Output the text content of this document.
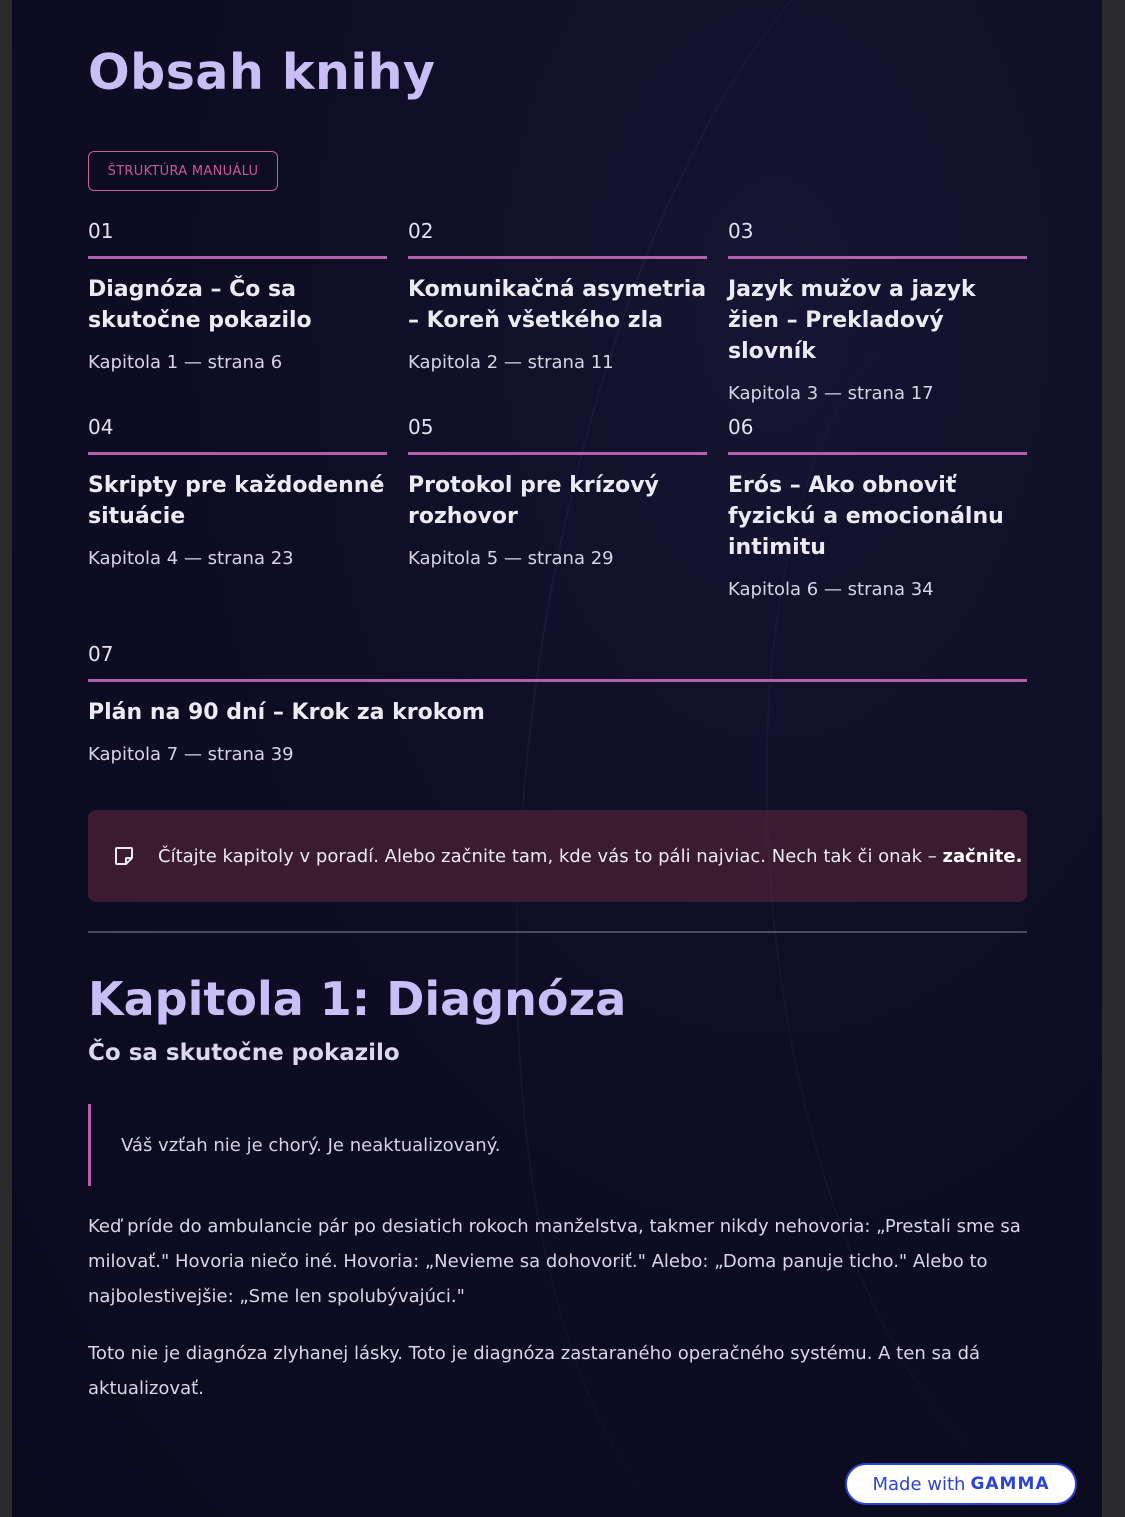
Obsah knihy
ŠTRUKTÚRA MANUÁLU
01
Diagnóza – Čo sa skutočne pokazilo
Kapitola 1 — strana 6
02
Komunikačná asymetria – Koreň všetkého zla
Kapitola 2 — strana 11
03
Jazyk mužov a jazyk žien – Prekladový slovník
Kapitola 3 — strana 17
04
Skripty pre každodenné situácie
Kapitola 4 — strana 23
05
Protokol pre krízový rozhovor
Kapitola 5 — strana 29
06
Erós – Ako obnoviť fyzickú a emocionálnu intimitu
Kapitola 6 — strana 34
07
Plán na 90 dní – Krok za krokom
Kapitola 7 — strana 39
Čítajte kapitoly v poradí. Alebo začnite tam, kde vás to páli najviac. Nech tak či onak – začnite.
Kapitola 1: Diagnóza
Čo sa skutočne pokazilo
Váš vzťah nie je chorý. Je neaktualizovaný.

Keď príde do ambulancie pár po desiatich rokoch manželstva, takmer nikdy nehovoria: „Prestali sme sa milovať." Hovoria niečo iné. Hovoria: „Nevieme sa dohovoriť." Alebo: „Doma panuje ticho." Alebo to najbolestivejšie: „Sme len spolubývajúci."

Toto nie je diagnóza zlyhanej lásky. Toto je diagnóza zastaraného operačného systému. A ten sa dá aktualizovať.

Made with GAMMA
